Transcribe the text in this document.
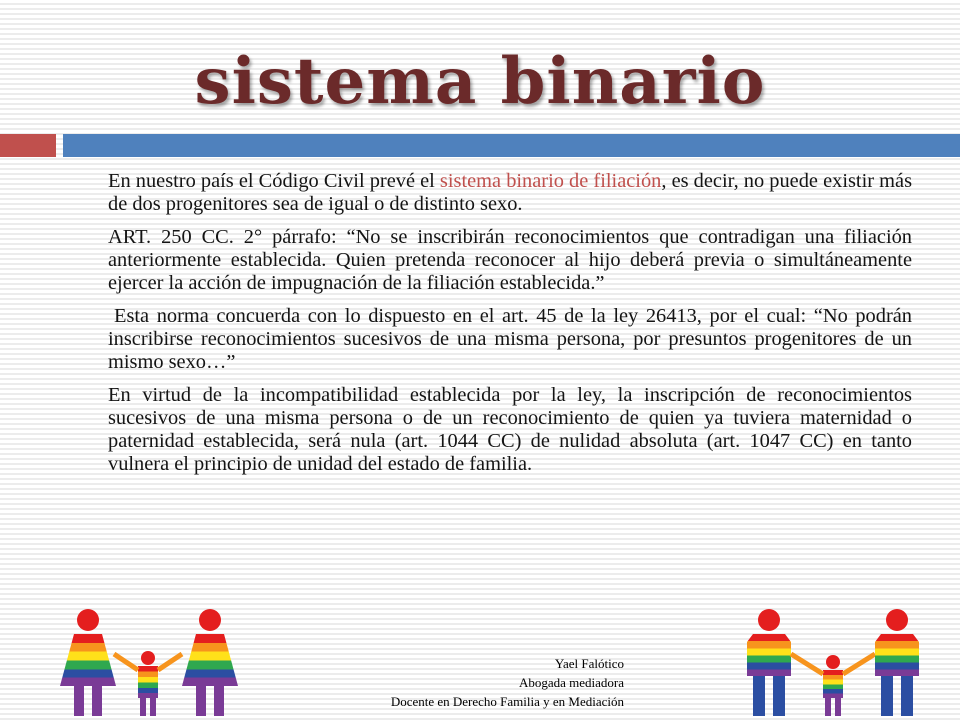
sistema binario

En nuestro país el Código Civil prevé el sistema binario de filiación, es decir, no puede existir más de dos progenitores sea de igual o de distinto sexo.

ART. 250 CC. 2° párrafo: “No se inscribirán reconocimientos que contradigan una filiación anteriormente establecida. Quien pretenda reconocer al hijo deberá previa o simultáneamente ejercer la acción de impugnación de la filiación establecida.”

Esta norma concuerda con lo dispuesto en el art. 45 de la ley 26413, por el cual: “No podrán inscribirse reconocimientos sucesivos de una misma persona, por presuntos progenitores de un mismo sexo…”

En virtud de la incompatibilidad establecida por la ley, la inscripción de reconocimientos sucesivos de una misma persona o de un reconocimiento de quien ya tuviera maternidad o paternidad establecida, será nula (art. 1044 CC) de nulidad absoluta (art. 1047 CC) en tanto vulnera el principio de unidad del estado de familia.

Yael Falótico
Abogada mediadora
Docente en Derecho Familia y en Mediación
